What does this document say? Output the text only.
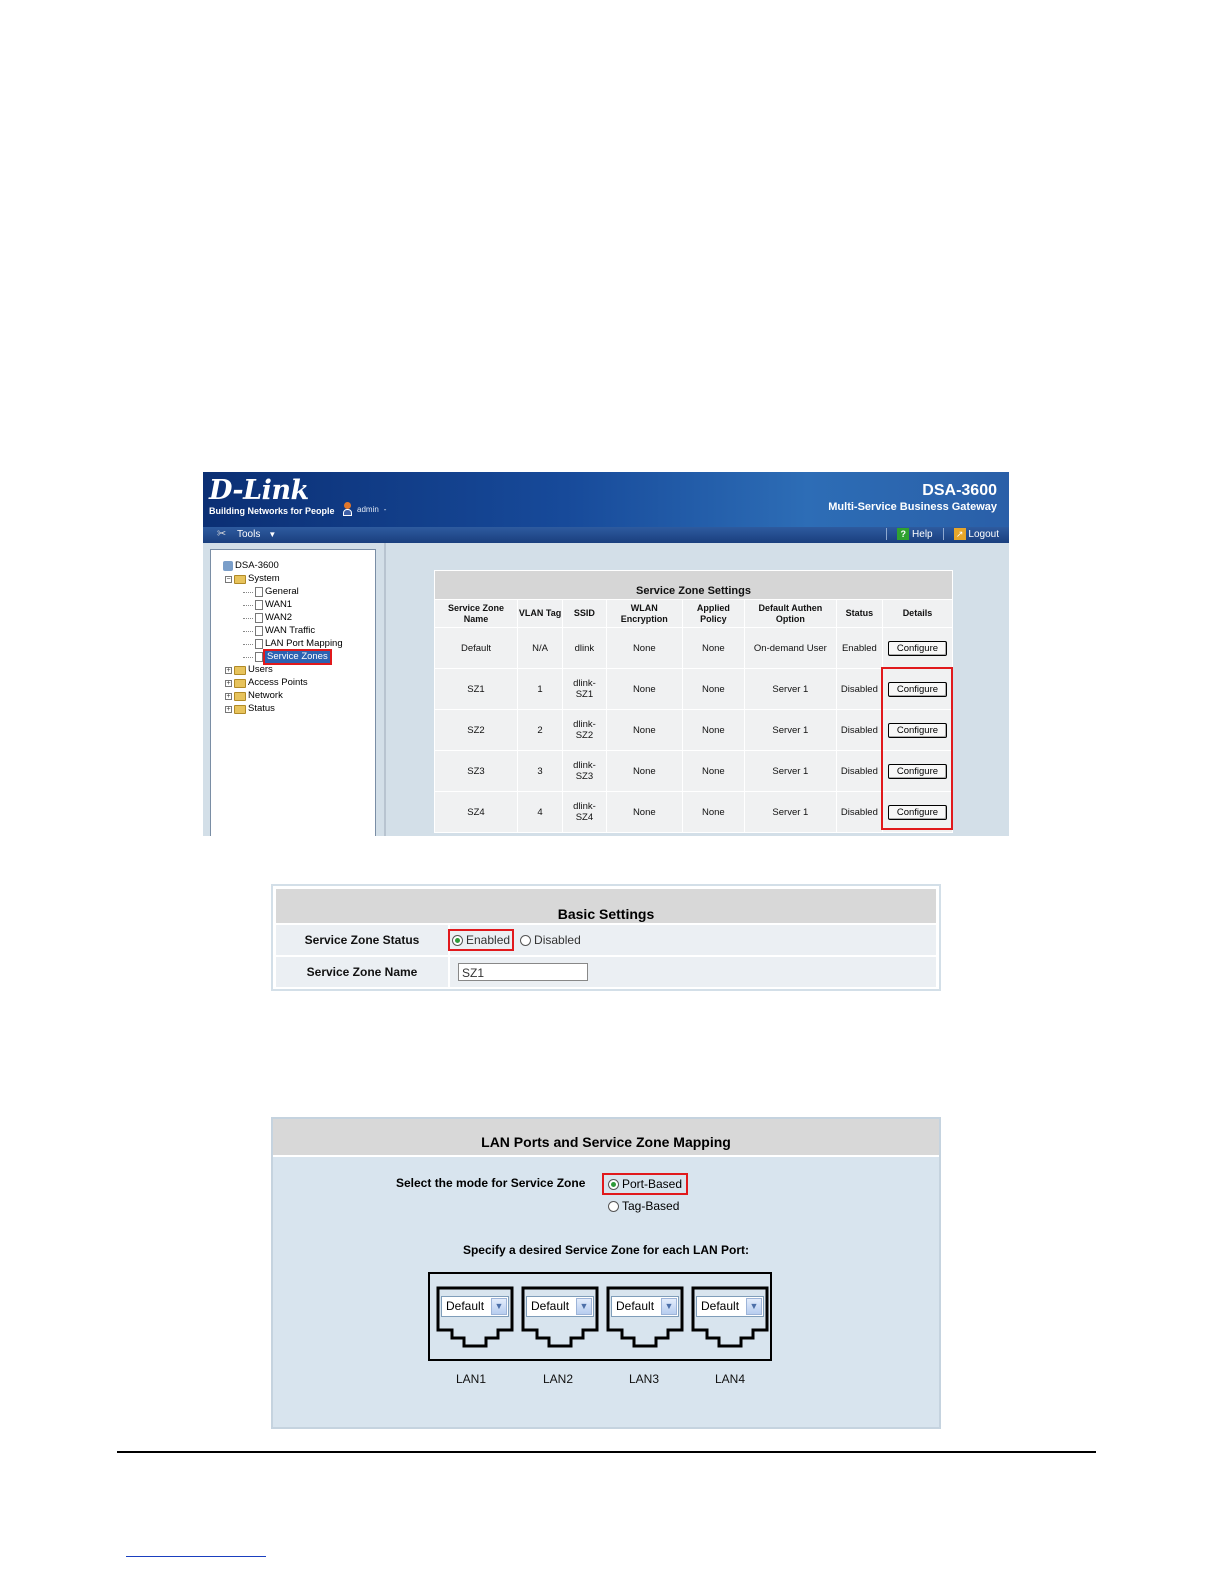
D-Link
Building Networks for People	admin -
DSA-3600
Multi-Service Business Gateway
✂ Tools ▼	? Help	↗ Logout
DSA-3600
− System
General
WAN1
WAN2
WAN Traffic
LAN Port Mapping
Service Zones
+ Users
+ Access Points
+ Network
+ Status
Service Zone Settings							
Service Zone Name	VLAN Tag	SSID	WLAN Encryption	Applied Policy	Default Authen Option	Status	Details
Default	N/A	dlink	None	None	On-demand User	Enabled	Configure
SZ1	1	dlink-SZ1	None	None	Server 1	Disabled	Configure
SZ2	2	dlink-SZ2	None	None	Server 1	Disabled	Configure
SZ3	3	dlink-SZ3	None	None	Server 1	Disabled	Configure
SZ4	4	dlink-SZ4	None	None	Server 1	Disabled	Configure
Basic Settings
Service Zone Status	Enabled	Disabled
Service Zone Name	SZ1
LAN Ports and Service Zone Mapping
Select the mode for Service Zone	Port-Based
Tag-Based
Specify a desired Service Zone for each LAN Port:
Default	▼	Default	▼	Default	▼	Default	▼
LAN1	LAN2	LAN3	LAN4
